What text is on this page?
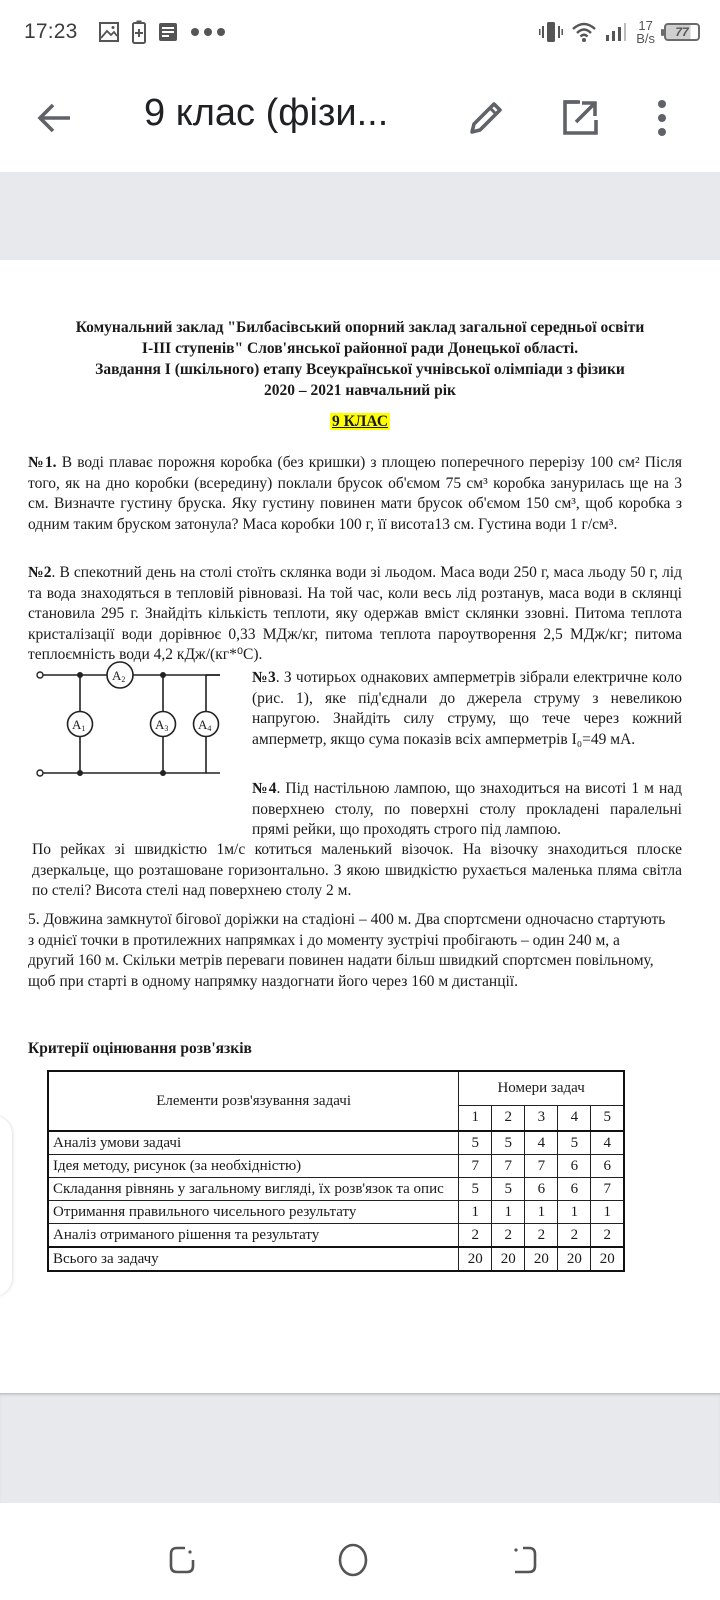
17:23	17
B/s 77
9 клас (фізи...
Комунальний заклад "Билбасівський опорний заклад загальної середньої освіти
I-III ступенів" Слов'янської районної ради Донецької області.
Завдання І (шкільного) етапу Всеукраїнської учнівської олімпіади з фізики
2020 – 2021 навчальний рік
9 КЛАС
№1. В воді плаває порожня коробка (без кришки) з площею поперечного перерізу 100 см² Після того, як на дно коробки (всередину) поклали брусок об'ємом 75 см³ коробка занурилась ще на 3 см. Визначте густину бруска. Яку густину повинен мати брусок об'ємом 150 см³, щоб коробка з одним таким бруском затонула? Маса коробки 100 г, її висота13 см. Густина води 1 г/см³.
№2. В спекотний день на столі стоїть склянка води зі льодом. Маса води 250 г, маса льоду 50 г, лід та вода знаходяться в тепловій рівновазі. На той час, коли весь лід розтанув, маса води в склянці становила 295 г. Знайдіть кількість теплоти, яку одержав вміст склянки ззовні. Питома теплота кристалізації води дорівнює 0,33 МДж/кг, питома теплота пароутворення 2,5 МДж/кг; питома теплоємність води 4,2 кДж/(кг*⁰С).
A2
A1	A3 A4
№3. З чотирьох однакових амперметрів зібрали електричне коло (рис. 1), яке під'єднали до джерела струму з невеликою напругою. Знайдіть силу струму, що тече через кожний амперметр, якщо сума показів всіх амперметрів I₀=49 мА.
№4. Під настільною лампою, що знаходиться на висоті 1 м над поверхнею столу, по поверхні столу прокладені паралельні прямі рейки, що проходять строго під лампою.
По рейках зі швидкістю 1м/с котиться маленький візочок. На візочку знаходиться плоске дзеркальце, що розташоване горизонтально. З якою швидкістю рухається маленька пляма світла по стелі? Висота стелі над поверхнею столу 2 м.
5. Довжина замкнутої бігової доріжки на стадіоні – 400 м. Два спортсмени одночасно стартують з однієї точки в протилежних напрямках і до моменту зустрічі пробігають – один 240 м, а другий 160 м. Скільки метрів переваги повинен надати більш швидкий спортсмен повільному, щоб при старті в одному напрямку наздогнати його через 160 м дистанції.
Критерії оцінювання розв'язків
Елементи розв'язування задачі	Номери задач				
	1	2	3	4	5
Аналіз умови задачі	5	5	4	5	4
Ідея методу, рисунок (за необхідністю)	7	7	7	6	6
Складання рівнянь у загальному вигляді, їх розв'язок та опис	5	5	6	6	7
Отримання правильного чисельного результату	1	1	1	1	1
Аналіз отриманого рішення та результату	2	2	2	2	2
Всього за задачу	20	20	20	20	20
